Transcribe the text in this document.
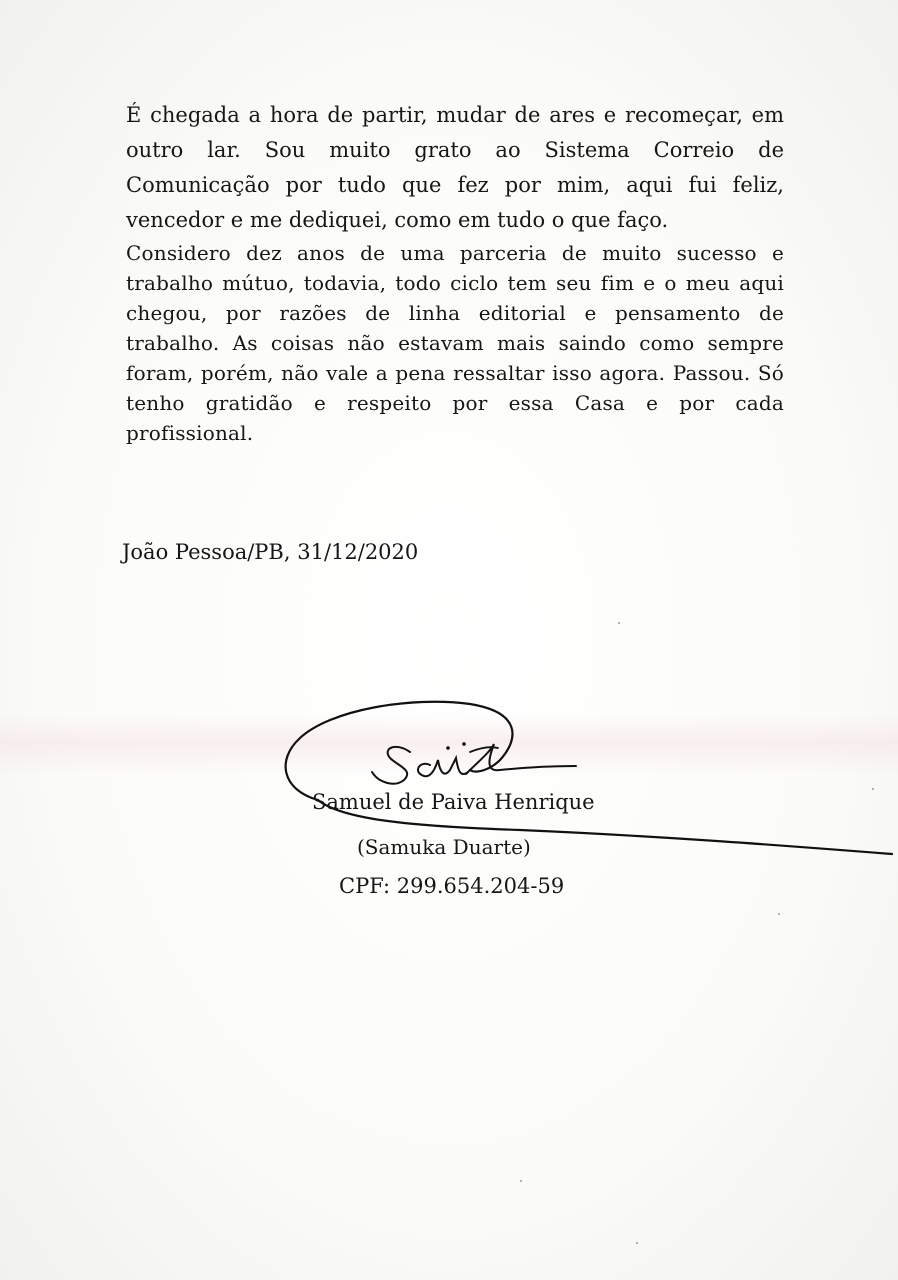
É chegada a hora de partir, mudar de ares e recomeçar, em outro lar. Sou muito grato ao Sistema Correio de Comunicação por tudo que fez por mim, aqui fui feliz, vencedor e me dediquei, como em tudo o que faço.

Considero dez anos de uma parceria de muito sucesso e trabalho mútuo, todavia, todo ciclo tem seu fim e o meu aqui chegou, por razões de linha editorial e pensamento de trabalho. As coisas não estavam mais saindo como sempre foram, porém, não vale a pena ressaltar isso agora. Passou. Só tenho gratidão e respeito por essa Casa e por cada profissional.

João Pessoa/PB, 31/12/2020
Samuel de Paiva Henrique
(Samuka Duarte)
CPF: 299.654.204-59
